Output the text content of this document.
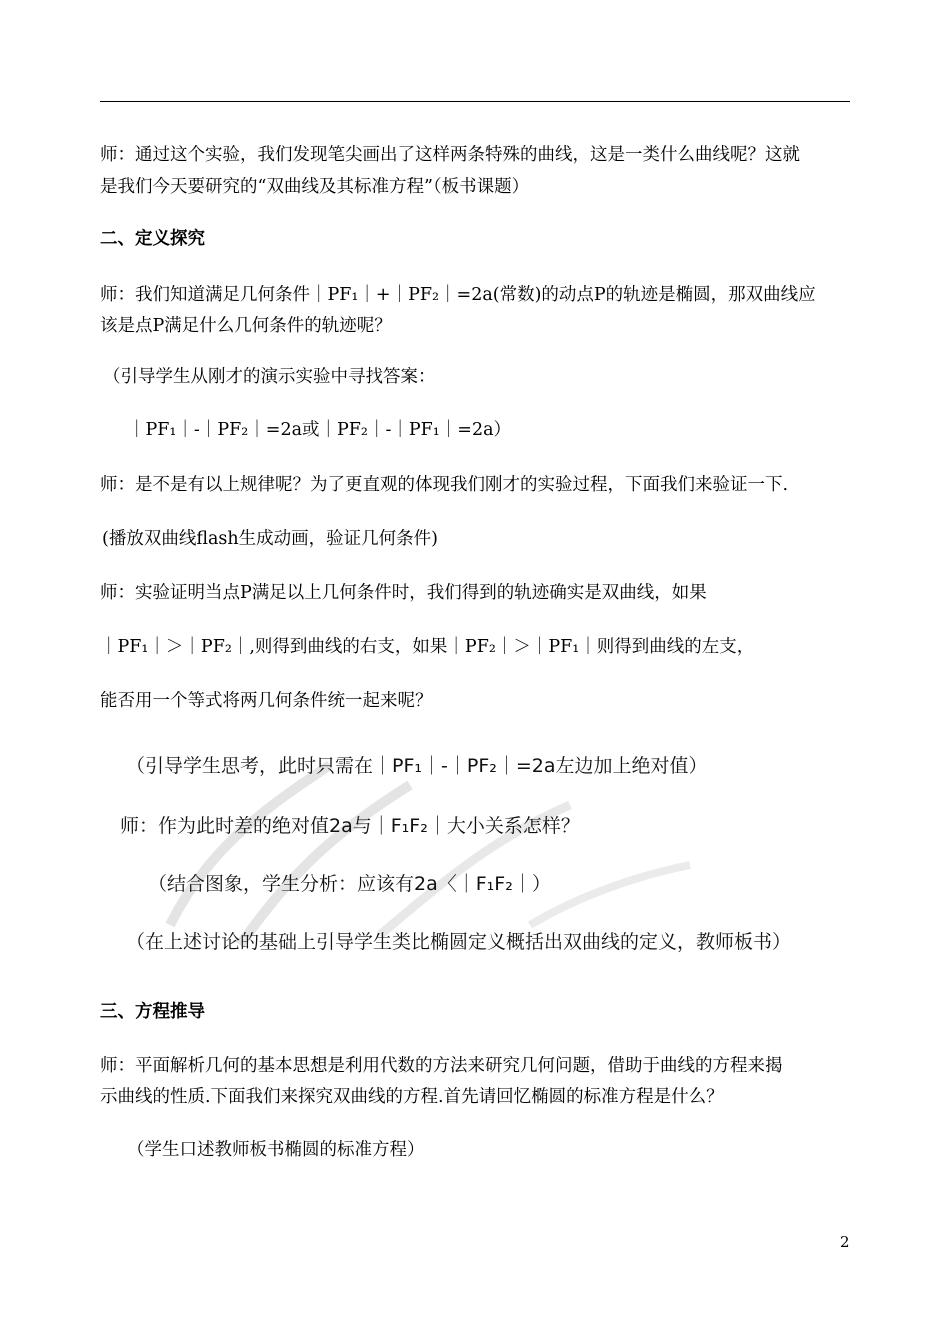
师：通过这个实验，我们发现笔尖画出了这样两条特殊的曲线，这是一类什么曲线呢？这就
是我们今天要研究的“双曲线及其标准方程”（板书课题）
二、定义探究
师：我们知道满足几何条件｜PF₁｜+｜PF₂｜=2a(常数)的动点P的轨迹是椭圆，那双曲线应
该是点P满足什么几何条件的轨迹呢？
（引导学生从刚才的演示实验中寻找答案：
｜PF₁｜-｜PF₂｜=2a或｜PF₂｜-｜PF₁｜=2a）
师：是不是有以上规律呢？为了更直观的体现我们刚才的实验过程，下面我们来验证一下.
(播放双曲线flash生成动画，验证几何条件)
师：实验证明当点P满足以上几何条件时，我们得到的轨迹确实是双曲线，如果
｜PF₁｜＞｜PF₂｜,则得到曲线的右支，如果｜PF₂｜＞｜PF₁｜则得到曲线的左支，
能否用一个等式将两几何条件统一起来呢？
（引导学生思考，此时只需在｜PF₁｜-｜PF₂｜=2a左边加上绝对值）
师：作为此时差的绝对值2a与｜F₁F₂｜大小关系怎样？
（结合图象，学生分析：应该有2a〈｜F₁F₂｜）
（在上述讨论的基础上引导学生类比椭圆定义概括出双曲线的定义，教师板书）
三、方程推导
师：平面解析几何的基本思想是利用代数的方法来研究几何问题，借助于曲线的方程来揭
示曲线的性质.下面我们来探究双曲线的方程.首先请回忆椭圆的标准方程是什么？
（学生口述教师板书椭圆的标准方程）
2
